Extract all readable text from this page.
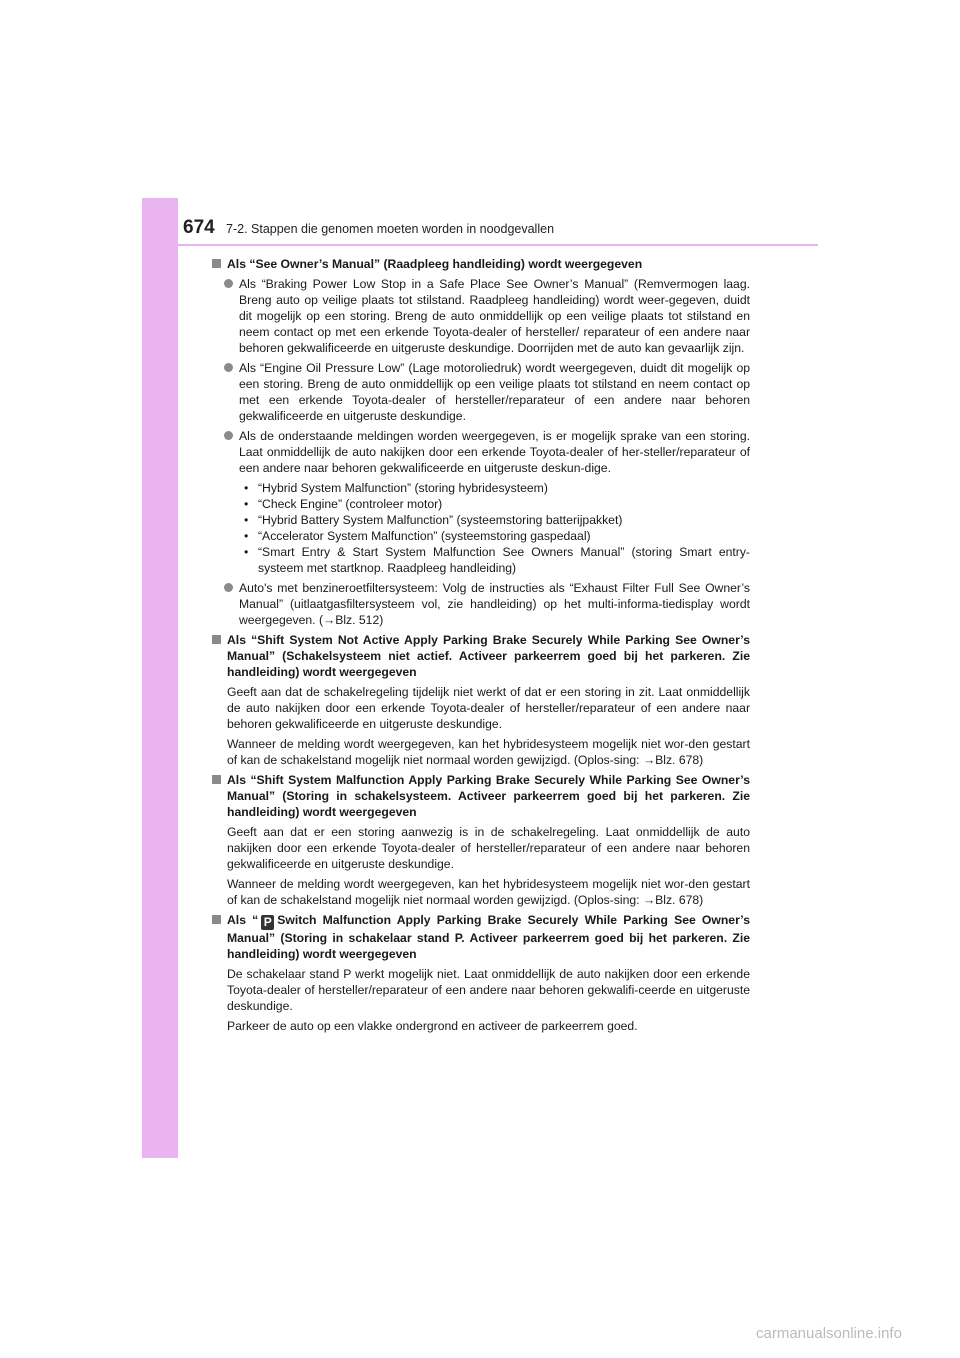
674 7-2. Stappen die genomen moeten worden in noodgevallen
Als “See Owner’s Manual” (Raadpleeg handleiding) wordt weergegeven
Als “Braking Power Low Stop in a Safe Place See Owner’s Manual” (Remvermogen laag. Breng auto op veilige plaats tot stilstand. Raadpleeg handleiding) wordt weer-gegeven, duidt dit mogelijk op een storing. Breng de auto onmiddellijk op een veilige plaats tot stilstand en neem contact op met een erkende Toyota-dealer of hersteller/ reparateur of een andere naar behoren gekwalificeerde en uitgeruste deskundige. Doorrijden met de auto kan gevaarlijk zijn.
Als “Engine Oil Pressure Low” (Lage motoroliedruk) wordt weergegeven, duidt dit mogelijk op een storing. Breng de auto onmiddellijk op een veilige plaats tot stilstand en neem contact op met een erkende Toyota-dealer of hersteller/reparateur of een andere naar behoren gekwalificeerde en uitgeruste deskundige.
Als de onderstaande meldingen worden weergegeven, is er mogelijk sprake van een storing. Laat onmiddellijk de auto nakijken door een erkende Toyota-dealer of her-steller/reparateur of een andere naar behoren gekwalificeerde en uitgeruste deskun-dige.
• “Hybrid System Malfunction” (storing hybridesysteem)
• “Check Engine” (controleer motor)
• “Hybrid Battery System Malfunction” (systeemstoring batterijpakket)
• “Accelerator System Malfunction” (systeemstoring gaspedaal)
• “Smart Entry & Start System Malfunction See Owners Manual” (storing Smart entry-systeem met startknop. Raadpleeg handleiding)
Auto's met benzineroetfiltersysteem: Volg de instructies als “Exhaust Filter Full See Owner’s Manual” (uitlaatgasfiltersysteem vol, zie handleiding) op het multi-informa-tiedisplay wordt weergegeven. (→Blz. 512)
Als “Shift System Not Active Apply Parking Brake Securely While Parking See Owner’s Manual” (Schakelsysteem niet actief. Activeer parkeerrem goed bij het parkeren. Zie handleiding) wordt weergegeven
Geeft aan dat de schakelregeling tijdelijk niet werkt of dat er een storing in zit. Laat onmiddellijk de auto nakijken door een erkende Toyota-dealer of hersteller/reparateur of een andere naar behoren gekwalificeerde en uitgeruste deskundige.
Wanneer de melding wordt weergegeven, kan het hybridesysteem mogelijk niet wor-den gestart of kan de schakelstand mogelijk niet normaal worden gewijzigd. (Oplos-sing: →Blz. 678)
Als “Shift System Malfunction Apply Parking Brake Securely While Parking See Owner’s Manual” (Storing in schakelsysteem. Activeer parkeerrem goed bij het parkeren. Zie handleiding) wordt weergegeven
Geeft aan dat er een storing aanwezig is in de schakelregeling. Laat onmiddellijk de auto nakijken door een erkende Toyota-dealer of hersteller/reparateur of een andere naar behoren gekwalificeerde en uitgeruste deskundige.
Wanneer de melding wordt weergegeven, kan het hybridesysteem mogelijk niet wor-den gestart of kan de schakelstand mogelijk niet normaal worden gewijzigd. (Oplos-sing: →Blz. 678)
Als “ P Switch Malfunction Apply Parking Brake Securely While Parking See Owner’s Manual” (Storing in schakelaar stand P. Activeer parkeerrem goed bij het parkeren. Zie handleiding) wordt weergegeven
De schakelaar stand P werkt mogelijk niet. Laat onmiddellijk de auto nakijken door een erkende Toyota-dealer of hersteller/reparateur of een andere naar behoren gekwalifi-ceerde en uitgeruste deskundige.
Parkeer de auto op een vlakke ondergrond en activeer de parkeerrem goed.
carmanualsonline.info
